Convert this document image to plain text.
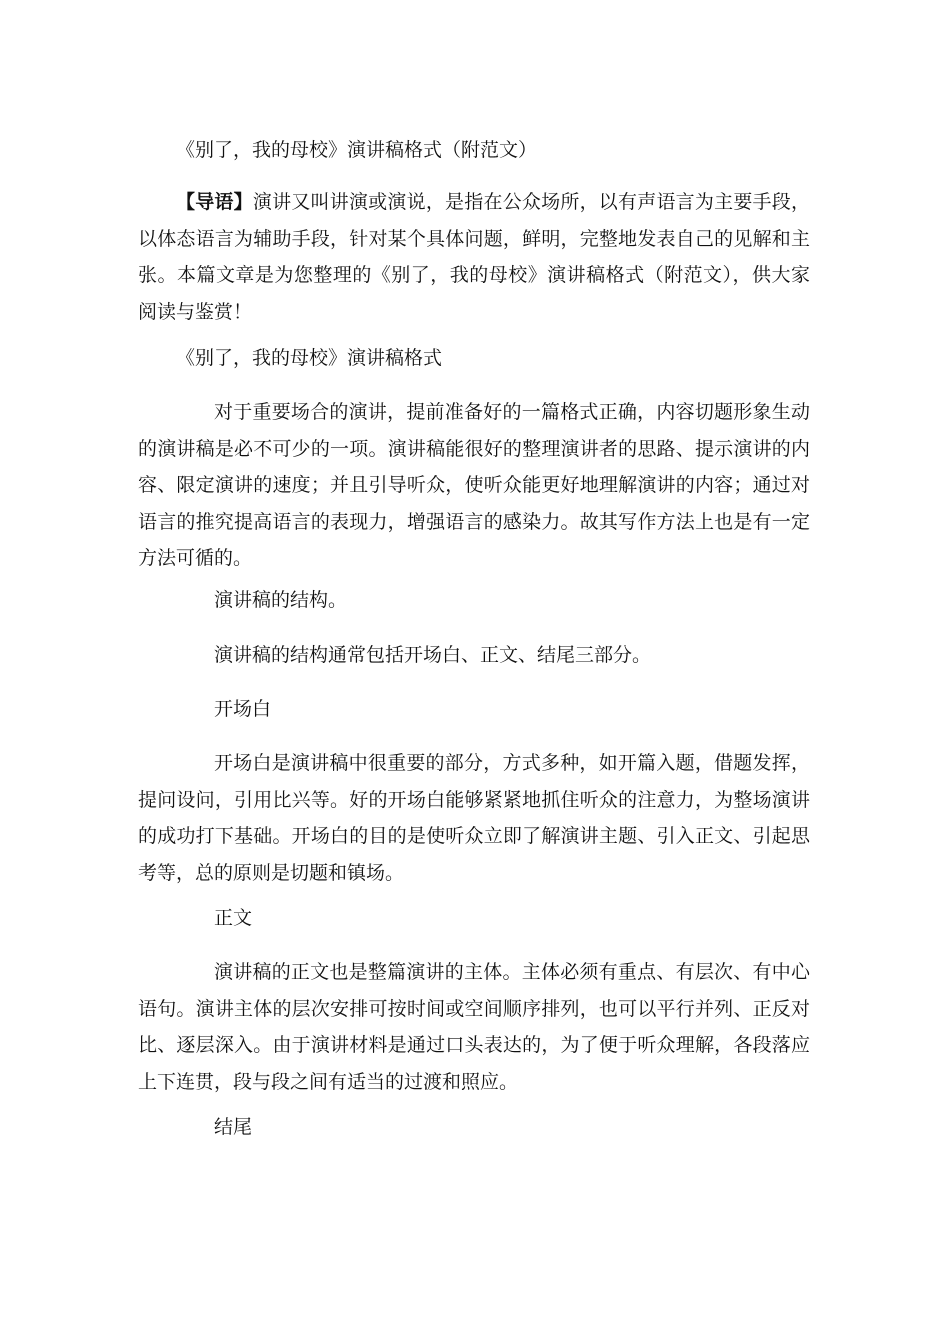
《别了，我的母校》演讲稿格式（附范文）

【导语】演讲又叫讲演或演说，是指在公众场所，以有声语言为主要手段，以体态语言为辅助手段，针对某个具体问题，鲜明，完整地发表自己的见解和主张。本篇文章是为您整理的《别了，我的母校》演讲稿格式（附范文），供大家阅读与鉴赏！

《别了，我的母校》演讲稿格式

对于重要场合的演讲，提前准备好的一篇格式正确，内容切题形象生动的演讲稿是必不可少的一项。演讲稿能很好的整理演讲者的思路、提示演讲的内容、限定演讲的速度；并且引导听众，使听众能更好地理解演讲的内容；通过对语言的推究提高语言的表现力，增强语言的感染力。故其写作方法上也是有一定方法可循的。

演讲稿的结构。
演讲稿的结构通常包括开场白、正文、结尾三部分。
开场白

开场白是演讲稿中很重要的部分，方式多种，如开篇入题，借题发挥，提问设问，引用比兴等。好的开场白能够紧紧地抓住听众的注意力，为整场演讲的成功打下基础。开场白的目的是使听众立即了解演讲主题、引入正文、引起思考等，总的原则是切题和镇场。

正文

演讲稿的正文也是整篇演讲的主体。主体必须有重点、有层次、有中心语句。演讲主体的层次安排可按时间或空间顺序排列，也可以平行并列、正反对比、逐层深入。由于演讲材料是通过口头表达的，为了便于听众理解，各段落应上下连贯，段与段之间有适当的过渡和照应。

结尾
